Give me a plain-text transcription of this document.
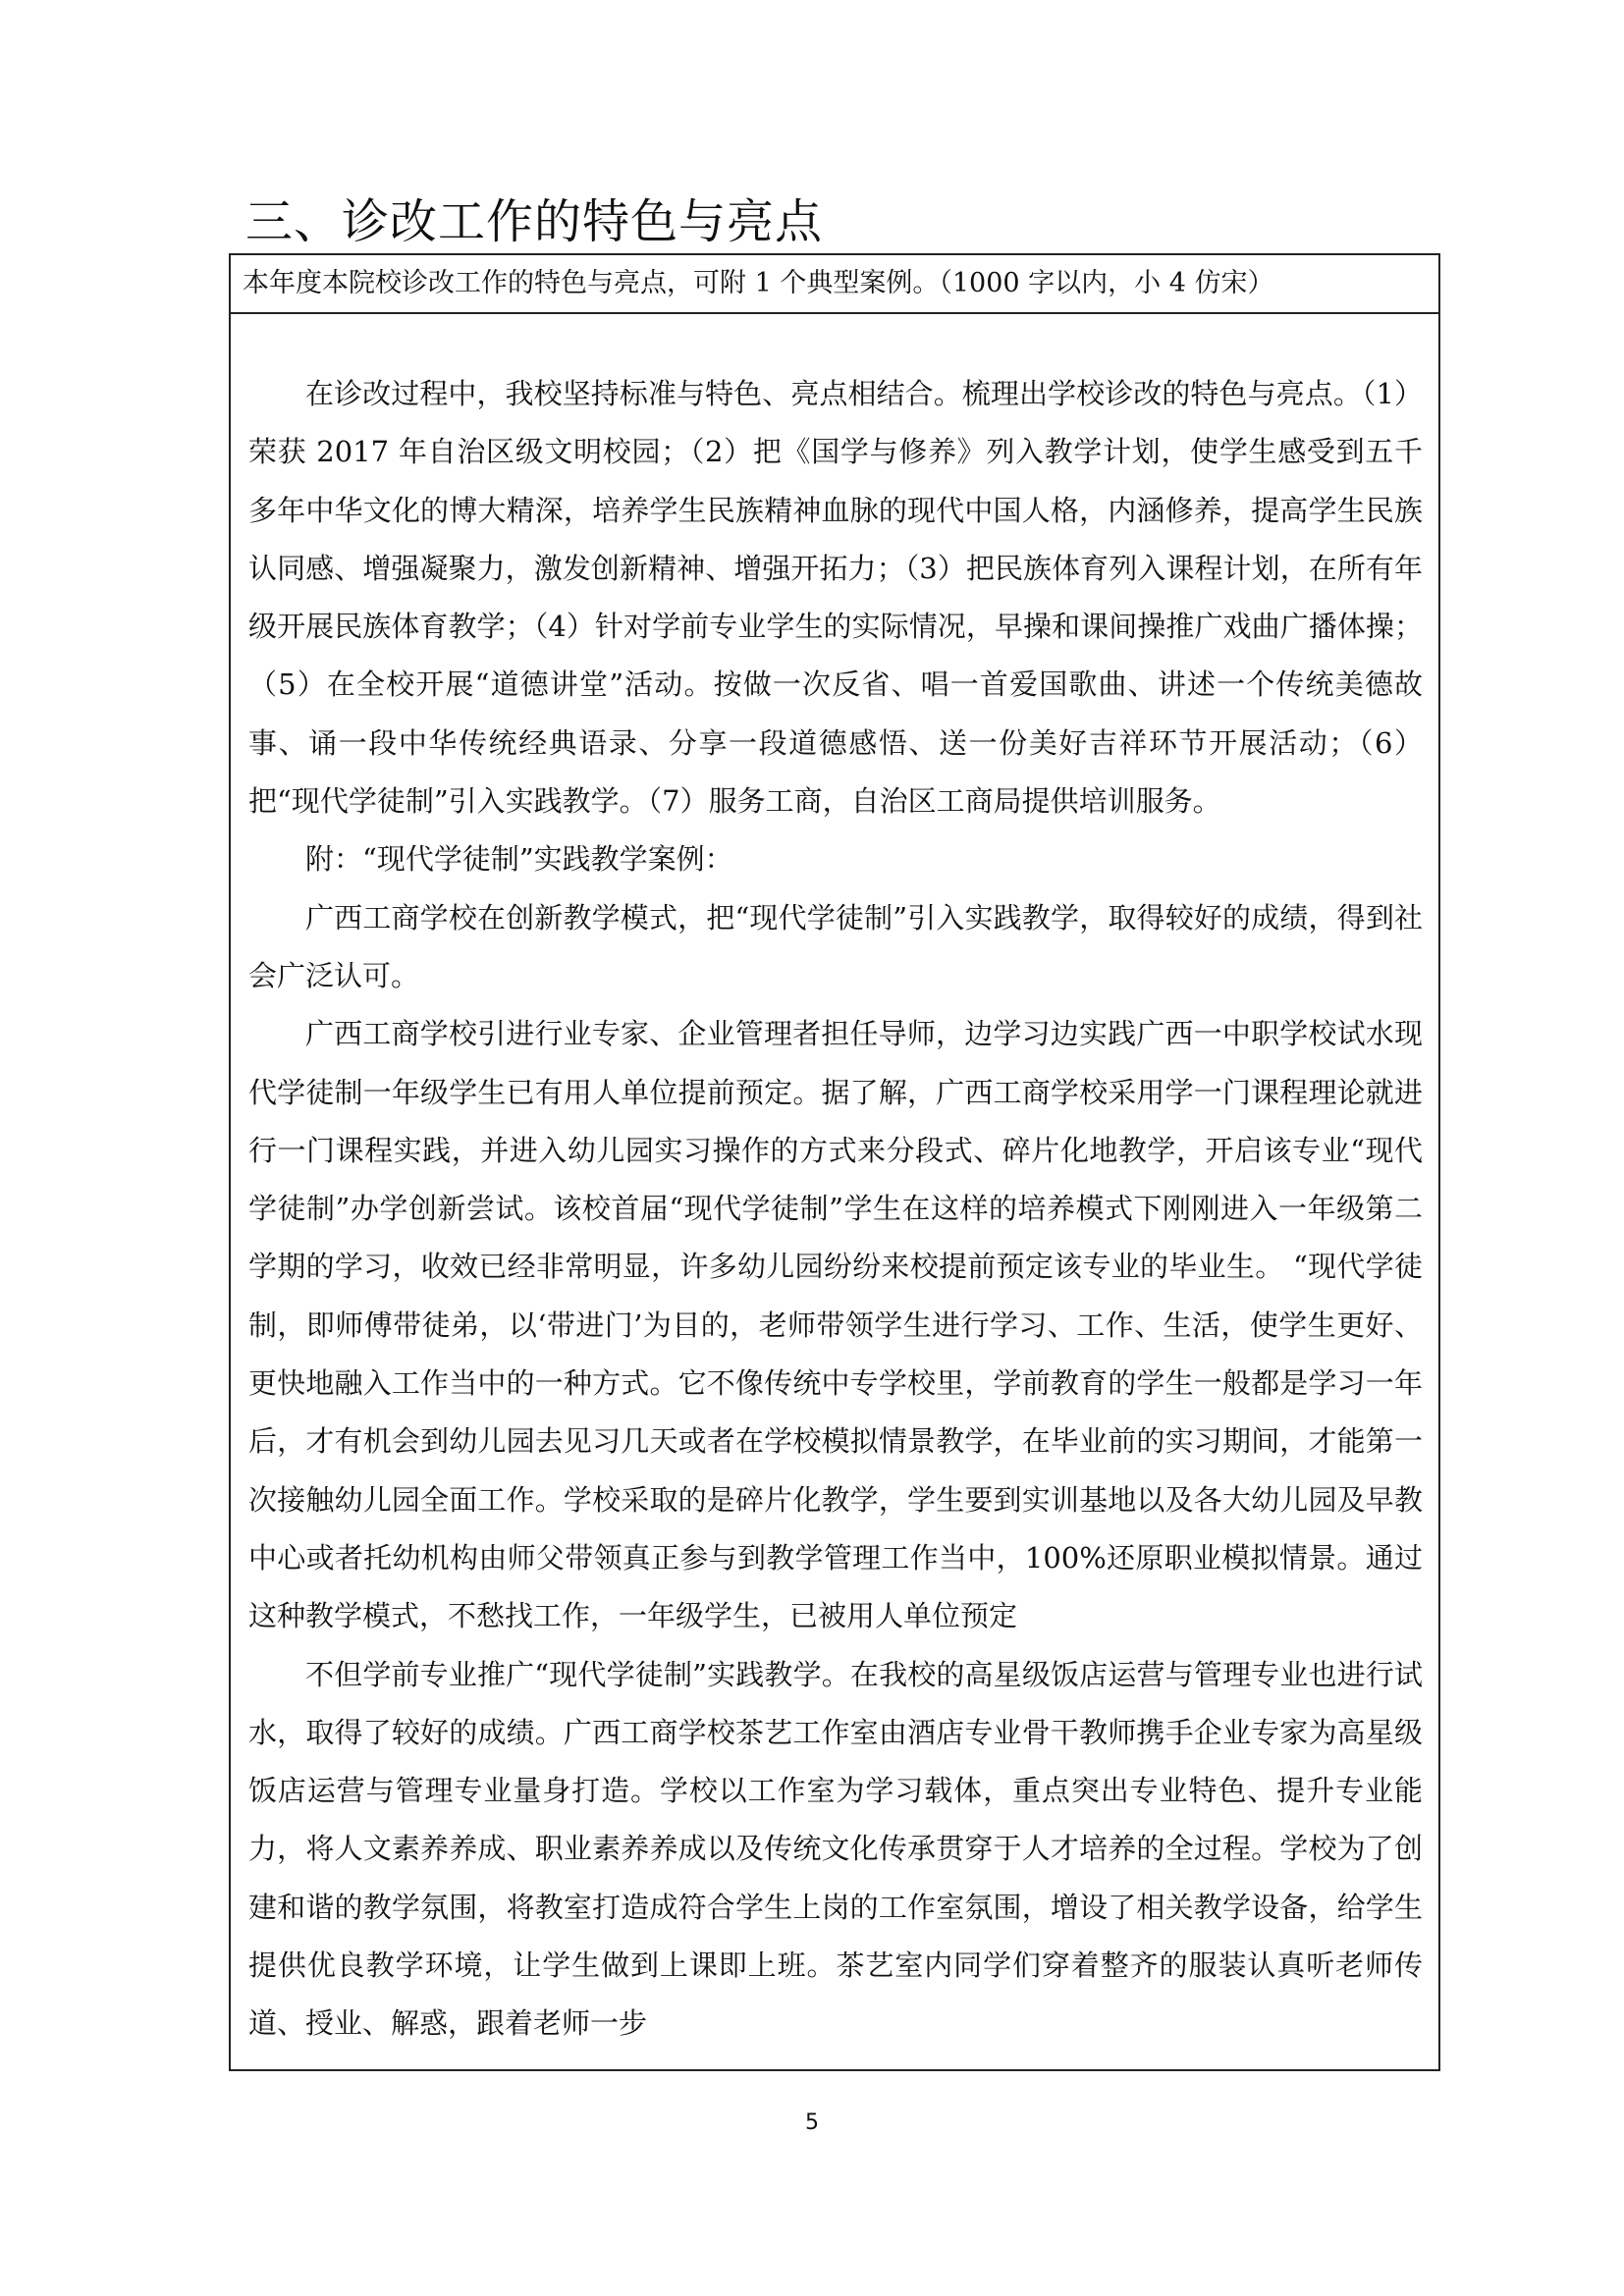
三、诊改工作的特色与亮点
本年度本院校诊改工作的特色与亮点，可附 1 个典型案例。（1000 字以内，小 4 仿宋）

在诊改过程中，我校坚持标准与特色、亮点相结合。梳理出学校诊改的特色与亮点。（1）荣获 2017 年自治区级文明校园；（2）把《国学与修养》列入教学计划，使学生感受到五千多年中华文化的博大精深，培养学生民族精神血脉的现代中国人格，内涵修养，提高学生民族认同感、增强凝聚力，激发创新精神、增强开拓力；（3）把民族体育列入课程计划，在所有年级开展民族体育教学；（4）针对学前专业学生的实际情况，早操和课间操推广戏曲广播体操；（5）在全校开展“道德讲堂”活动。按做一次反省、唱一首爱国歌曲、讲述一个传统美德故事、诵一段中华传统经典语录、分享一段道德感悟、送一份美好吉祥环节开展活动；（6）把“现代学徒制”引入实践教学。（7）服务工商，自治区工商局提供培训服务。

附：“现代学徒制”实践教学案例：

广西工商学校在创新教学模式，把“现代学徒制”引入实践教学，取得较好的成绩，得到社会广泛认可。

广西工商学校引进行业专家、企业管理者担任导师，边学习边实践广西一中职学校试水现代学徒制一年级学生已有用人单位提前预定。据了解，广西工商学校采用学一门课程理论就进行一门课程实践，并进入幼儿园实习操作的方式来分段式、碎片化地教学，开启该专业“现代学徒制”办学创新尝试。该校首届“现代学徒制”学生在这样的培养模式下刚刚进入一年级第二学期的学习，收效已经非常明显，许多幼儿园纷纷来校提前预定该专业的毕业生。 “现代学徒制，即师傅带徒弟，以‘带进门’为目的，老师带领学生进行学习、工作、生活，使学生更好、更快地融入工作当中的一种方式。它不像传统中专学校里，学前教育的学生一般都是学习一年后，才有机会到幼儿园去见习几天或者在学校模拟情景教学，在毕业前的实习期间，才能第一次接触幼儿园全面工作。学校采取的是碎片化教学，学生要到实训基地以及各大幼儿园及早教中心或者托幼机构由师父带领真正参与到教学管理工作当中，100%还原职业模拟情景。通过这种教学模式，不愁找工作，一年级学生，已被用人单位预定

不但学前专业推广“现代学徒制”实践教学。在我校的高星级饭店运营与管理专业也进行试水，取得了较好的成绩。广西工商学校茶艺工作室由酒店专业骨干教师携手企业专家为高星级饭店运营与管理专业量身打造。学校以工作室为学习载体，重点突出专业特色、提升专业能力，将人文素养养成、职业素养养成以及传统文化传承贯穿于人才培养的全过程。学校为了创建和谐的教学氛围，将教室打造成符合学生上岗的工作室氛围，增设了相关教学设备，给学生提供优良教学环境，让学生做到上课即上班。茶艺室内同学们穿着整齐的服装认真听老师传道、授业、解惑，跟着老师一步

5
